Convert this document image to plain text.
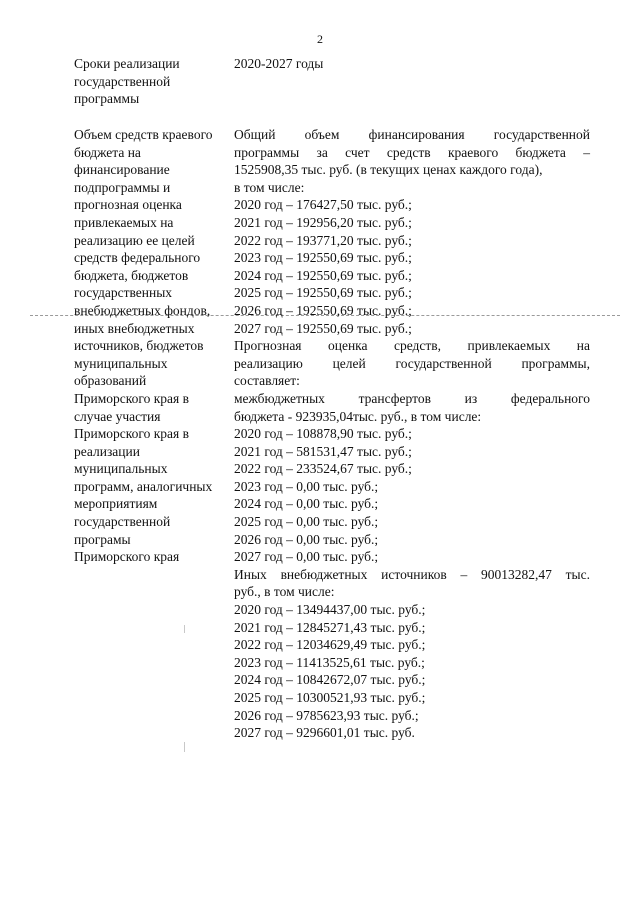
2
Сроки реализации
государственной
программы
2020-2027 годы
Объем средств краевого
бюджета на
финансирование
подпрограммы и
прогнозная оценка
привлекаемых на
реализацию ее целей
средств федерального
бюджета, бюджетов
государственных
внебюджетных фондов,
иных внебюджетных
источников, бюджетов
муниципальных
образований
Приморского края в
случае участия
Приморского края в
реализации
муниципальных
программ, аналогичных
мероприятиям
государственной
програмы
Приморского края
Общий объем финансирования государственной
программы за счет средств краевого бюджета –
1525908,35 тыс. руб. (в текущих ценах каждого года),
в том числе:
2020 год – 176427,50 тыс. руб.;
2021 год – 192956,20 тыс. руб.;
2022 год – 193771,20 тыс. руб.;
2023 год – 192550,69 тыс. руб.;
2024 год – 192550,69 тыс. руб.;
2025 год – 192550,69 тыс. руб.;
2026 год – 192550,69 тыс. руб.;
2027 год – 192550,69 тыс. руб.;
Прогнозная оценка средств, привлекаемых на
реализацию целей государственной программы,
составляет:
межбюджетных трансфертов из федерального
бюджета - 923935,04тыс. руб., в том числе:
2020 год – 108878,90 тыс. руб.;
2021 год – 581531,47 тыс. руб.;
2022 год – 233524,67 тыс. руб.;
2023 год – 0,00 тыс. руб.;
2024 год – 0,00 тыс. руб.;
2025 год – 0,00 тыс. руб.;
2026 год – 0,00 тыс. руб.;
2027 год – 0,00 тыс. руб.;
Иных внебюджетных источников – 90013282,47 тыс.
руб., в том числе:
2020 год – 13494437,00 тыс. руб.;
2021 год – 12845271,43 тыс. руб.;
2022 год – 12034629,49 тыс. руб.;
2023 год – 11413525,61 тыс. руб.;
2024 год – 10842672,07 тыс. руб.;
2025 год – 10300521,93 тыс. руб.;
2026 год – 9785623,93 тыс. руб.;
2027 год – 9296601,01 тыс. руб.
